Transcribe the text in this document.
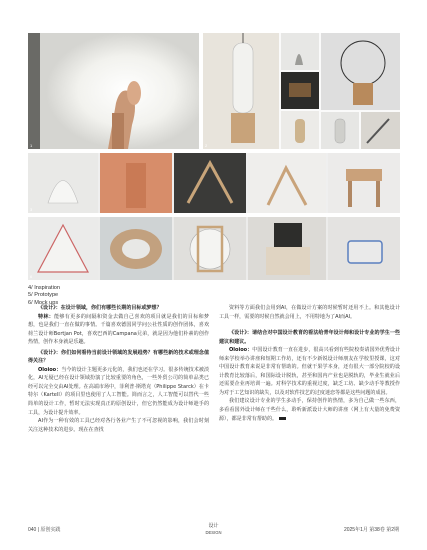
1	2
3
6
4/ Inspiration
5/ Prototype
6/ Mock ups

《设计》：在设计领域，你们有哪些长期的目标或梦想？

特林：能够有更多的间隔和资金去做自己喜欢的项目就是我们的目标和梦想，也是我们一直在做的事情。千篇喜欢德国同学问公社性质的创作团体，喜欢荷兰设计师Bertjan Pot，喜欢巴西的Campana兄弟，就是因为他们朴素的创作热情，创作本身就是乐趣。

《设计》：你们如何看待当前设计领域的发展趋势？有哪些新的技术或理念值得关注？

Oloioo：当今的设计主题更多元化的，我们也还在学习。很多传统技术被淡化，AI无疑已经在设计领域扮演了比较重要的角色，一些外贸公司的简单品类已经可以完全交由AI处理。在高端市场中，菲利普·斯塔克（Philippe Starck）在卡特尔（Kartell）的项目里也使用了人工智能。简而言之，人工智能可以替代一些简单的设计工作，暂时无法实现真正的原创设计，但它仍然能成为设计师趁手的工具，为设计提升效率。

AI作为一种有效的工具已经对各行各业产生了不可忽视的影响，我们会时刻关注这种技术的进步。现在在查找

资料等方面我们会用到AI，在做设计方案的时候暂时还用不上。和其他设计工具一样，需要的时候自然就会用上，不用特地为了AI而AI。

《设计》：请结合对中国设计教育的看法给青年设计师和设计专业的学生一些建议和建议。

Oloioo：中国设计教育一直在进步，很高兴看到有些院校奏请国外优秀设计师来学校举办讲座和短期工作坊，还有不少新锐设计师朋友在学校里授课，这对中国设计教育来说是非常有帮助的。但就干果学本身，还有很大一部分院校的设计教育比较落后，和国际设计脱轨，甚至和国内产业也是脱轨的，毕业生就业后还需要企业再培训一遍。对科学技术的重视过度，缺乏工坊、缺少动手等教授作为对于工艺知识的缺失，以及对软件技艺的过度迷恋等都是这些问题的成因。

我们建议设计专业的学生多动手，保持创作的热情，多为自己做一些东西，多看看国外设计师在干些什么，聆听新派设计大师的讲座（网上有大量的免费资源），都是非常有帮助的。

040 | 原创实践
设计
DESIGN	2025年1月 第38卷 第2期
